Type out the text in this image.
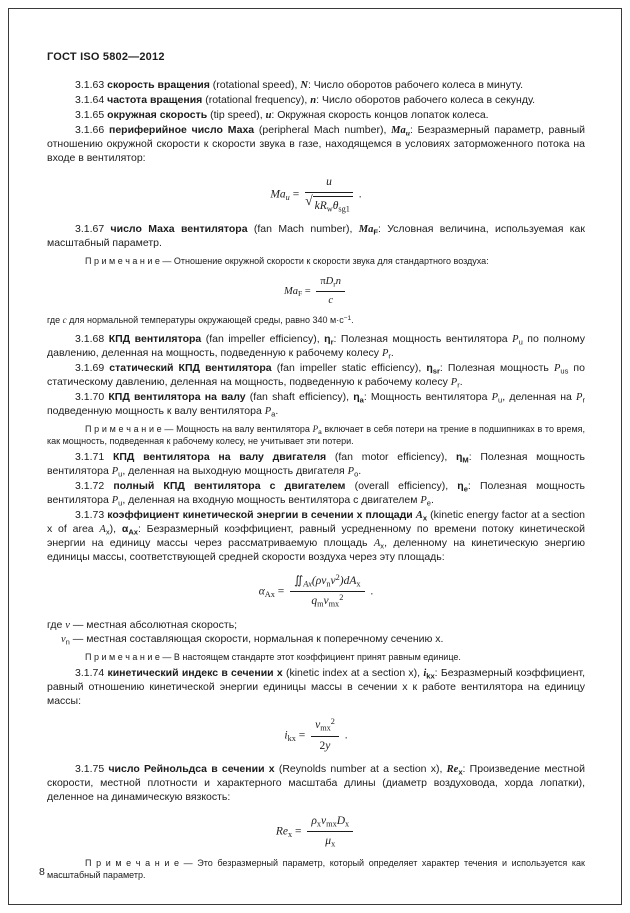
ГОСТ ISO 5802—2012
3.1.63 скорость вращения (rotational speed), N: Число оборотов рабочего колеса в минуту.
3.1.64 частота вращения (rotational frequency), n: Число оборотов рабочего колеса в секунду.
3.1.65 окружная скорость (tip speed), u: Окружная скорость концов лопаток колеса.
3.1.66 периферийное число Маха (peripheral Mach number), $Ma_u$: Безразмерный параметр, равный отношению окружной скорости к скорости звука в газе, находящемся в условиях заторможенного потока на входе в вентилятор:
$Ma_u = \frac{u}{√ kR_w\theta_{sg1}}$ .
3.1.67 число Маха вентилятора (fan Mach number), $Ma_F$: Условная величина, используемая как масштабный параметр.
П р и м е ч а н и е — Отношение окружной скорости к скорости звука для стандартного воздуха:
$Ma_F = \frac{\pi D_rn}{c}$
где c для нормальной температуры окружающей среды, равно 340 $м\cdot с^{-1}$.
3.1.68 КПД вентилятора (fan impeller efficiency), $\eta_r$: Полезная мощность вентилятора $P_u$ по полному давлению, деленная на мощность, подведенную к рабочему колесу $P_r$.
3.1.69 статический КПД вентилятора (fan impeller static efficiency), $\eta_{sr}$: Полезная мощность $P_{us}$ по статическому давлению, деленная на мощность, подведенную к рабочему колесу $P_r$.
3.1.70 КПД вентилятора на валу (fan shaft efficiency), $\eta_a$: Мощность вентилятора $P_u$, деленная на $P_r$ подведенную мощность к валу вентилятора $P_a$.
П р и м е ч а н и е — Мощность на валу вентилятора $P_a$ включает в себя потери на трение в подшипниках в то время, как мощность, подведенная к рабочему колесу, не учитывает эти потери.
3.1.71 КПД вентилятора на валу двигателя (fan motor efficiency), $\eta_M$: Полезная мощность вентилятора $P_u$, деленная на выходную мощность двигателя $P_o$.
3.1.72 полный КПД вентилятора с двигателем (overall efficiency), $\eta_e$: Полезная мощность вентилятора $P_u$, деленная на входную мощность вентилятора с двигателем $P_e$.
3.1.73 коэффициент кинетической энергии в сечении x площади $A_x$ (kinetic energy factor at a section x of area $A_x$), $\alpha_{Ax}$: Безразмерный коэффициент, равный усредненному по времени потоку кинетической энергии на единицу массы через рассматриваемую площадь $A_x$, деленному на кинетическую энергию единицы массы, соответствующей средней скорости воздуха через эту площадь:
$\alpha_{Ax} = \frac{∬_{Ax}(\rho v_nv^2)dA_x}{q_mv_{mx}^2}$ .
где v — местная абсолютная скорость;
$v_n$ — местная составляющая скорости, нормальная к поперечному сечению x.
П р и м е ч а н и е — В настоящем стандарте этот коэффициент принят равным единице.
3.1.74 кинетический индекс в сечении x (kinetic index at a section x), $i_{kx}$: Безразмерный коэффициент, равный отношению кинетической энергии единицы массы в сечении x к работе вентилятора на единицу массы:
$i_{kx} = \frac{v_{mx}^2}{2y}$ .
3.1.75 число Рейнольдса в сечении x (Reynolds number at a section x), $Re_x$: Произведение местной скорости, местной плотности и характерного масштаба длины (диаметр воздуховода, хорда лопатки), деленное на динамическую вязкость:
$Re_x = \frac{\rho_xv_{mx}D_x}{\mu_x}$
П р и м е ч а н и е — Это безразмерный параметр, который определяет характер течения и используется как масштабный параметр.
8
